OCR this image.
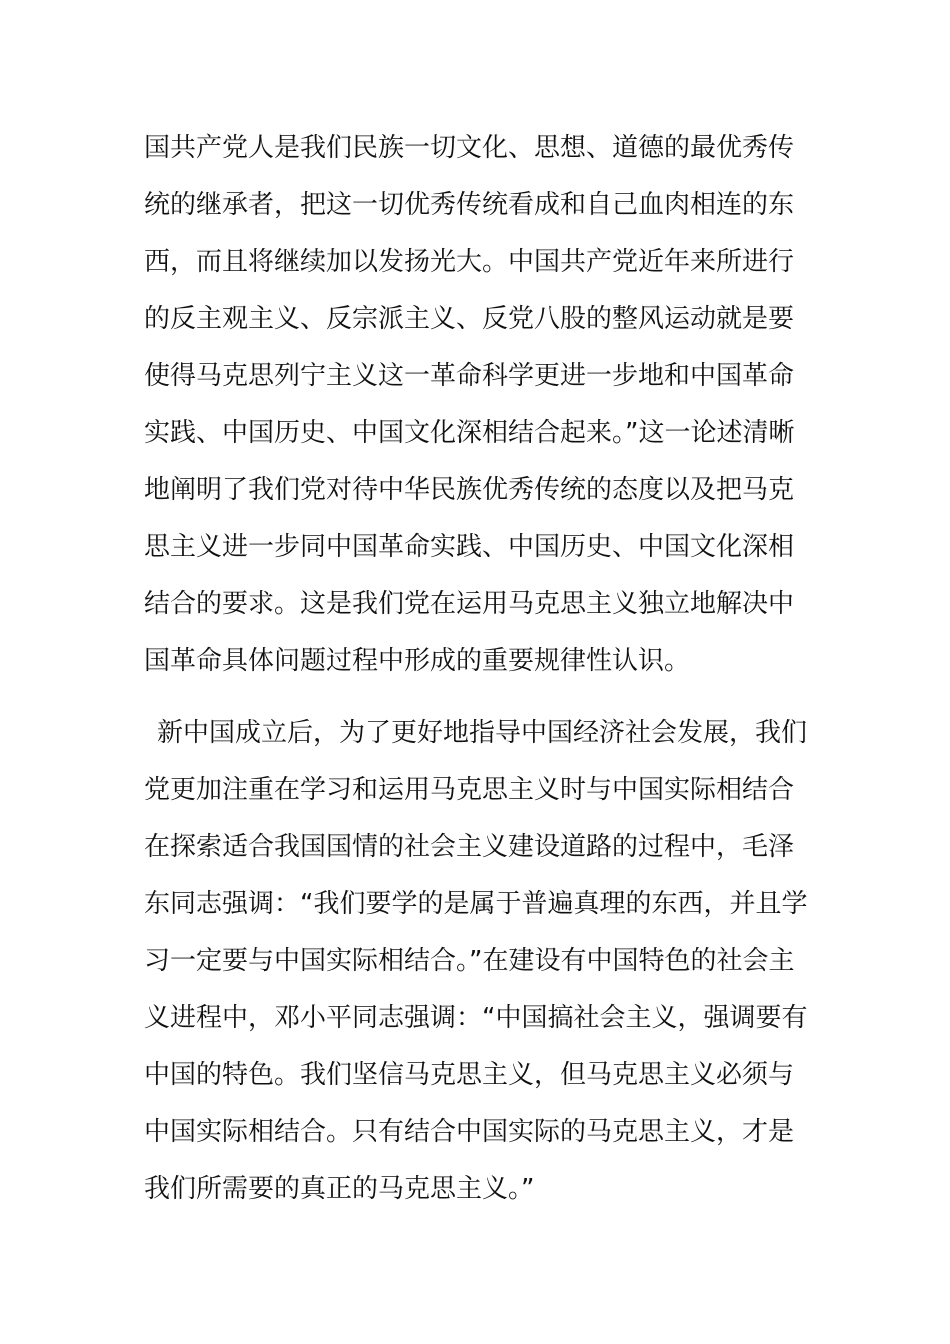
国共产党人是我们民族一切文化、思想、道德的最优秀传
统的继承者，把这一切优秀传统看成和自己血肉相连的东
西，而且将继续加以发扬光大。中国共产党近年来所进行
的反主观主义、反宗派主义、反党八股的整风运动就是要
使得马克思列宁主义这一革命科学更进一步地和中国革命
实践、中国历史、中国文化深相结合起来。”这一论述清晰
地阐明了我们党对待中华民族优秀传统的态度以及把马克
思主义进一步同中国革命实践、中国历史、中国文化深相
结合的要求。这是我们党在运用马克思主义独立地解决中
国革命具体问题过程中形成的重要规律性认识。
新中国成立后，为了更好地指导中国经济社会发展，我们
党更加注重在学习和运用马克思主义时与中国实际相结合
在探索适合我国国情的社会主义建设道路的过程中，毛泽
东同志强调：“我们要学的是属于普遍真理的东西，并且学
习一定要与中国实际相结合。”在建设有中国特色的社会主
义进程中，邓小平同志强调：“中国搞社会主义，强调要有
中国的特色。我们坚信马克思主义，但马克思主义必须与
中国实际相结合。只有结合中国实际的马克思主义，才是
我们所需要的真正的马克思主义。”
